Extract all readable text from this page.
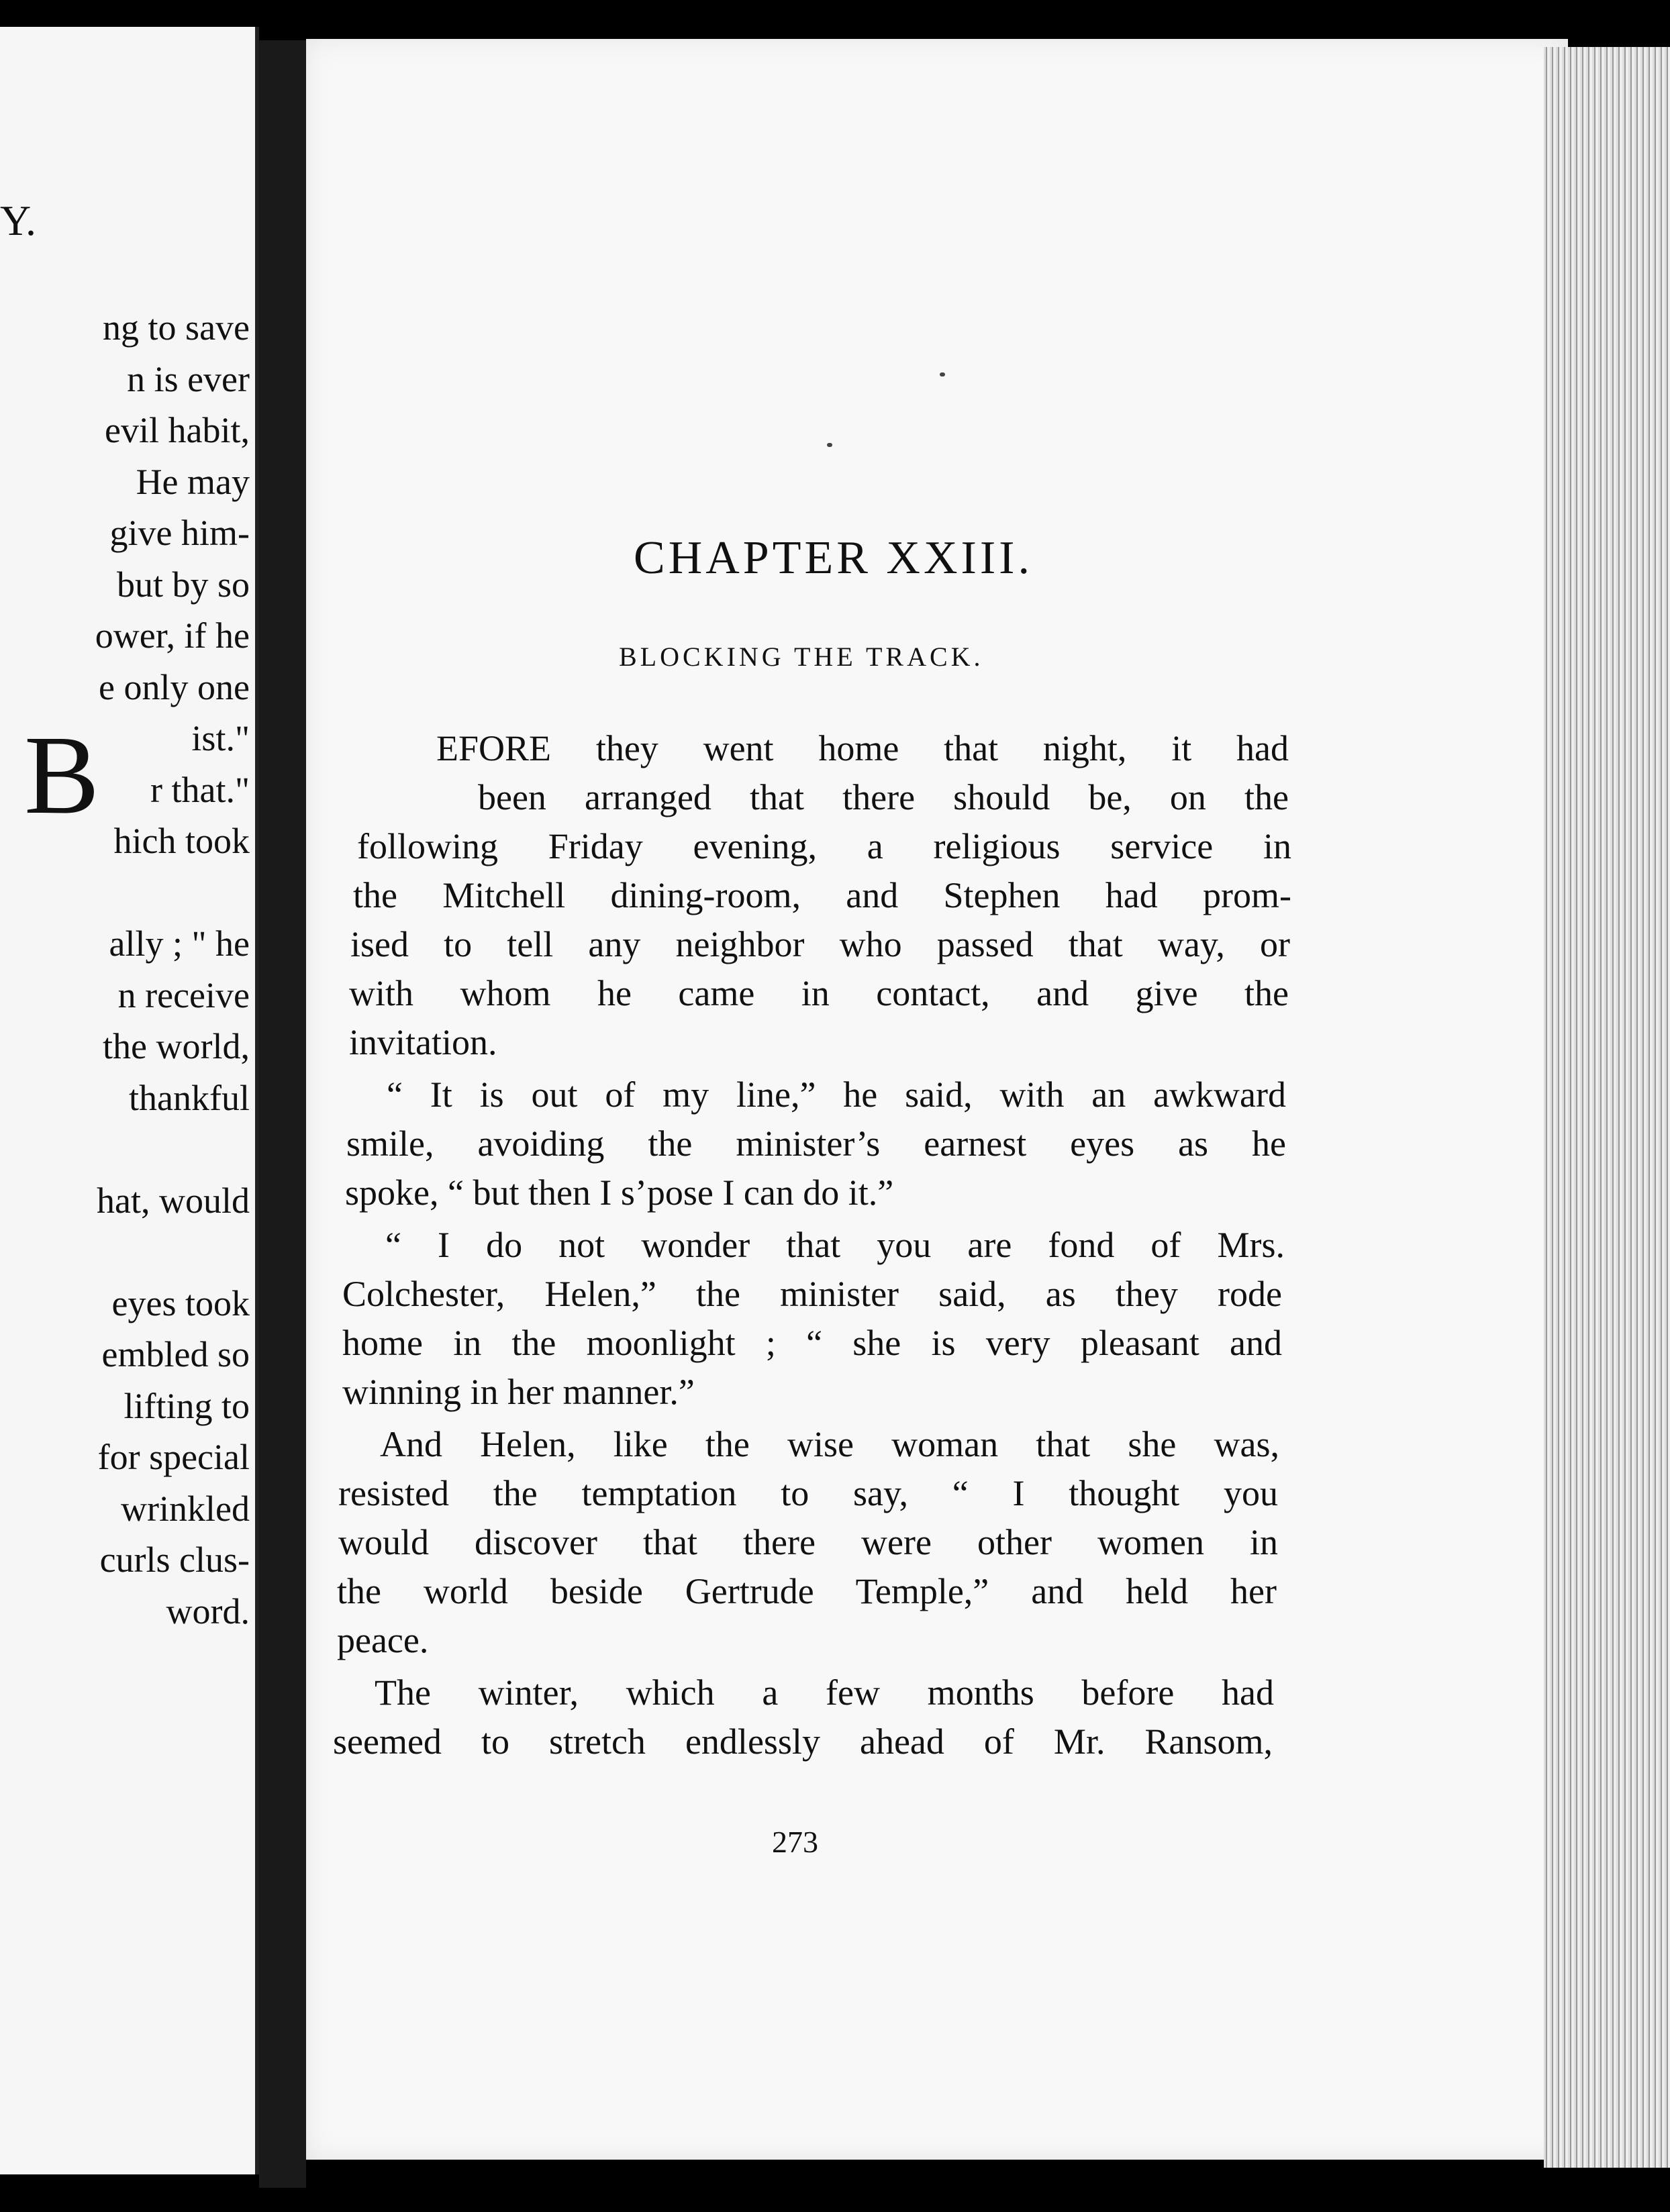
Y.
ng to save
n is ever
evil habit,
He may
give him-
but by so
ower, if he
e only one
ist."
r that."
hich took
ally ; " he
n receive
the world,
thankful
hat, would
eyes took
embled so
lifting to
for special
wrinkled
curls clus-
word.
CHAPTER XXIII.
BLOCKING THE TRACK.
B	EFORE they went home that night, it had
been arranged that there should be, on the
following Friday evening, a religious service in
the Mitchell dining-room, and Stephen had prom-
ised to tell any neighbor who passed that way, or
with whom he came in contact, and give the
invitation.
“ It is out of my line,” he said, with an awkward
smile, avoiding the minister’s earnest eyes as he
spoke, “ but then I s’pose I can do it.”
“ I do not wonder that you are fond of Mrs.
Colchester, Helen,” the minister said, as they rode
home in the moonlight ; “ she is very pleasant and
winning in her manner.”
And Helen, like the wise woman that she was,
resisted the temptation to say, “ I thought you
would discover that there were other women in
the world beside Gertrude Temple,” and held her
peace.
The winter, which a few months before had
seemed to stretch endlessly ahead of Mr. Ransom,
273
